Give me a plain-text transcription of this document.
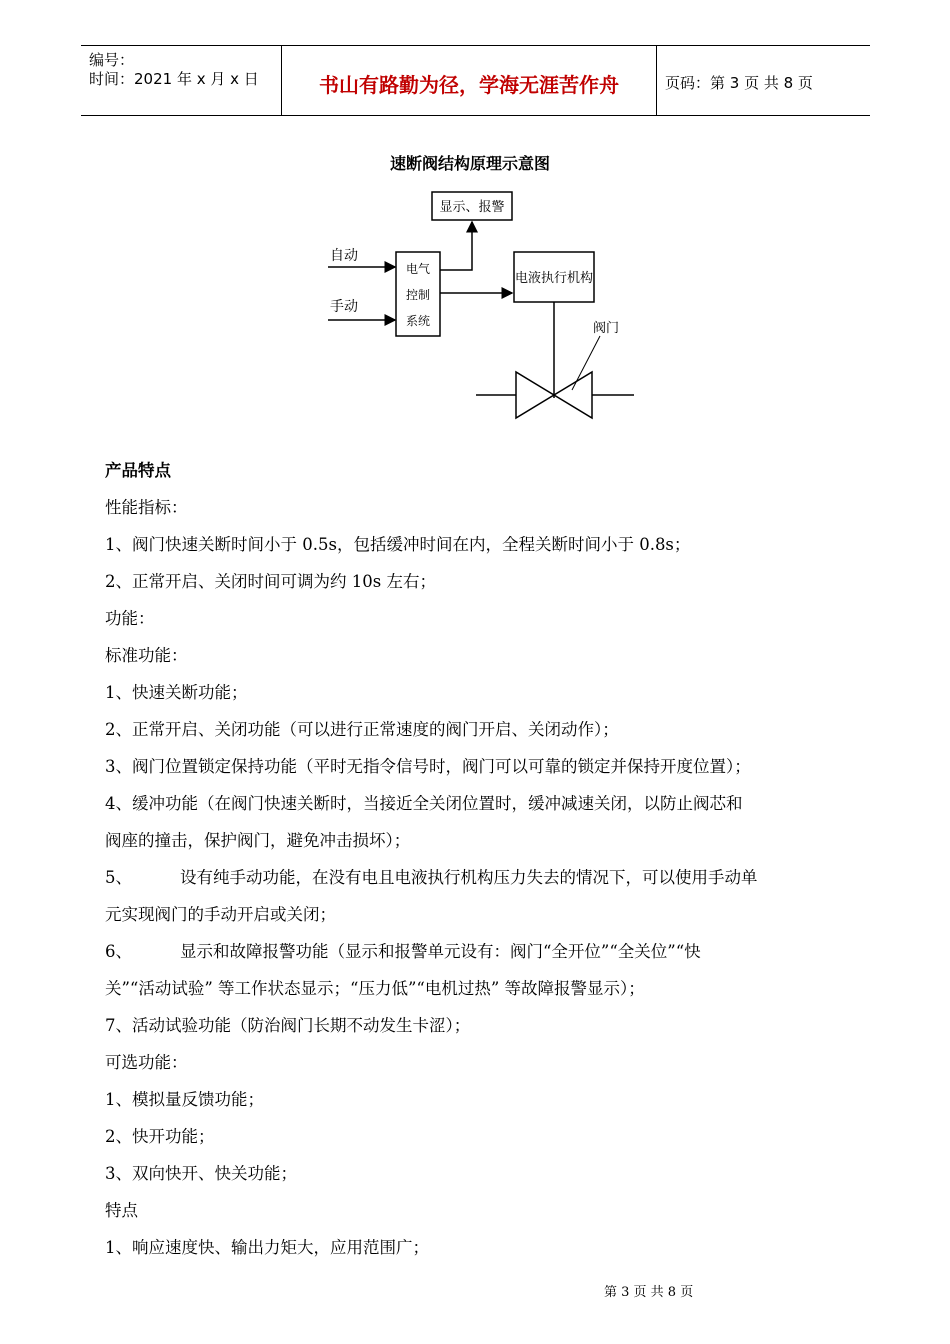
编号：
时间：2021 年 x 月 x 日	书山有路勤为径，学海无涯苦作舟	页码：第 3 页 共 8 页
速断阀结构原理示意图
显示、报警
自动
手动
电气
控制
系统
电液执行机构
阀门

产品特点

性能指标：

1、阀门快速关断时间小于 0.5s，包括缓冲时间在内，全程关断时间小于 0.8s；

2、正常开启、关闭时间可调为约 10s 左右；

功能：

标准功能：

1、快速关断功能；

2、正常开启、关闭功能（可以进行正常速度的阀门开启、关闭动作）；

3、阀门位置锁定保持功能（平时无指令信号时，阀门可以可靠的锁定并保持开度位置）；

4、缓冲功能（在阀门快速关断时，当接近全关闭位置时，缓冲减速关闭，以防止阀芯和

阀座的撞击，保护阀门，避免冲击损坏）；

5、	设有纯手动功能，在没有电且电液执行机构压力失去的情况下，可以使用手动单

元实现阀门的手动开启或关闭；

6、	显示和故障报警功能（显示和报警单元设有：阀门“全开位”“全关位”“快

关”“活动试验” 等工作状态显示；“压力低”“电机过热” 等故障报警显示）；

7、活动试验功能（防治阀门长期不动发生卡涩）；

可选功能：

1、模拟量反馈功能；

2、快开功能；

3、双向快开、快关功能；

特点

1、响应速度快、输出力矩大，应用范围广；

第 3 页 共 8 页
